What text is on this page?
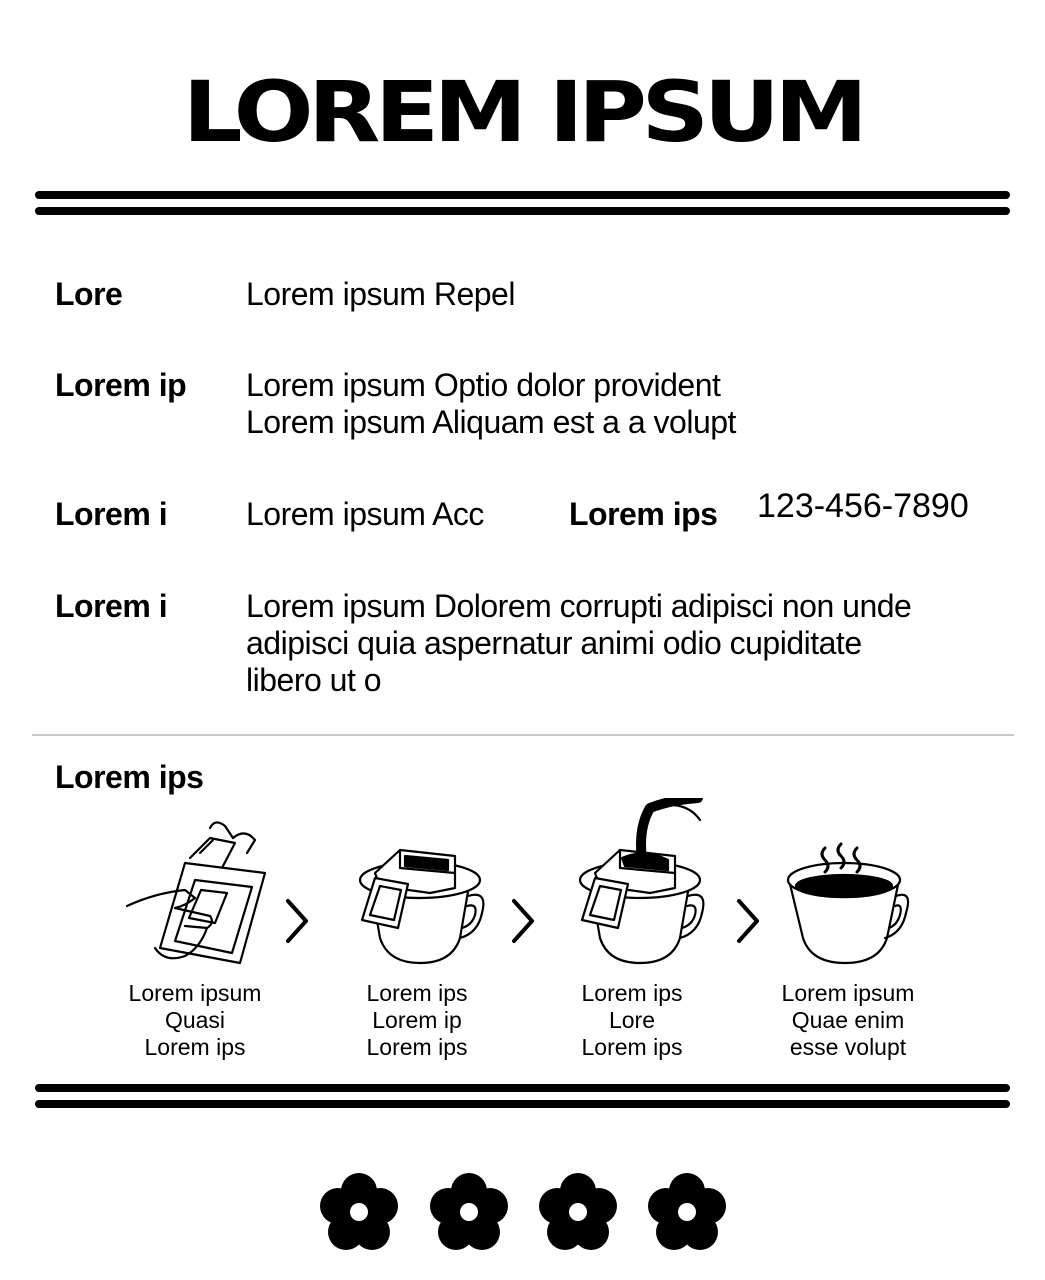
LOREM IPSUM
Lore	Lorem ipsum Repel
Lorem ip Lorem ipsum Optio dolor provident
Lorem ipsum Aliquam est a a volupt
Lorem i Lorem ipsum Acc	Lorem ips 123-456-7890
Lorem i Lorem ipsum Dolorem corrupti adipisci non unde
adipisci quia aspernatur animi odio cupiditate
libero ut o
Lorem ips
Lorem ipsum
Quasi
Lorem ips
Lorem ips
Lorem ip
Lorem ips
Lorem ips
Lore
Lorem ips
Lorem ipsum
Quae enim
esse volupt
